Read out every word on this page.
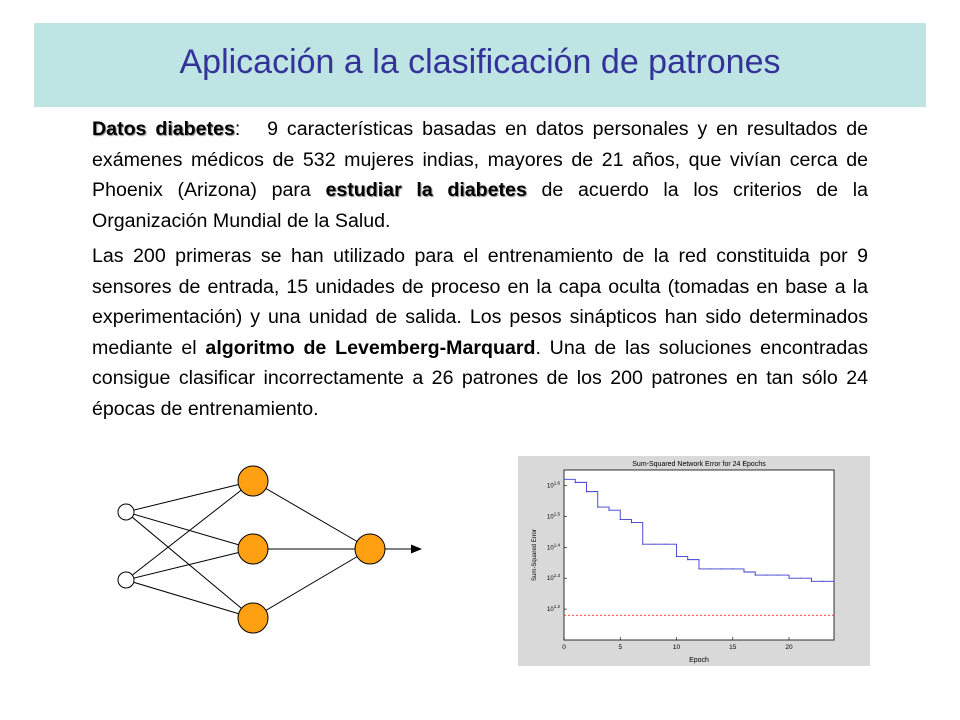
Aplicación a la clasificación de patrones

Datos diabetes: 9 características basadas en datos personales y en resultados de exámenes médicos de 532 mujeres indias, mayores de 21 años, que vivían cerca de Phoenix (Arizona) para estudiar la diabetes de acuerdo la los criterios de la Organización Mundial de la Salud.

Las 200 primeras se han utilizado para el entrenamiento de la red constituida por 9 sensores de entrada, 15 unidades de proceso en la capa oculta (tomadas en base a la experimentación) y una unidad de salida. Los pesos sinápticos han sido determinados mediante el algoritmo de Levemberg-Marquard. Una de las soluciones encontradas consigue clasificar incorrectamente a 26 patrones de los 200 patrones en tan sólo 24 épocas de entrenamiento.

Sum-Squared Network Error for 24 Epochs
Epoch
Sum-Squared Error
0	5	10	15	20
$10^{1.2}$
$10^{1.3}$
$10^{1.4}$
$10^{1.5}$
$10^{1.6}$
